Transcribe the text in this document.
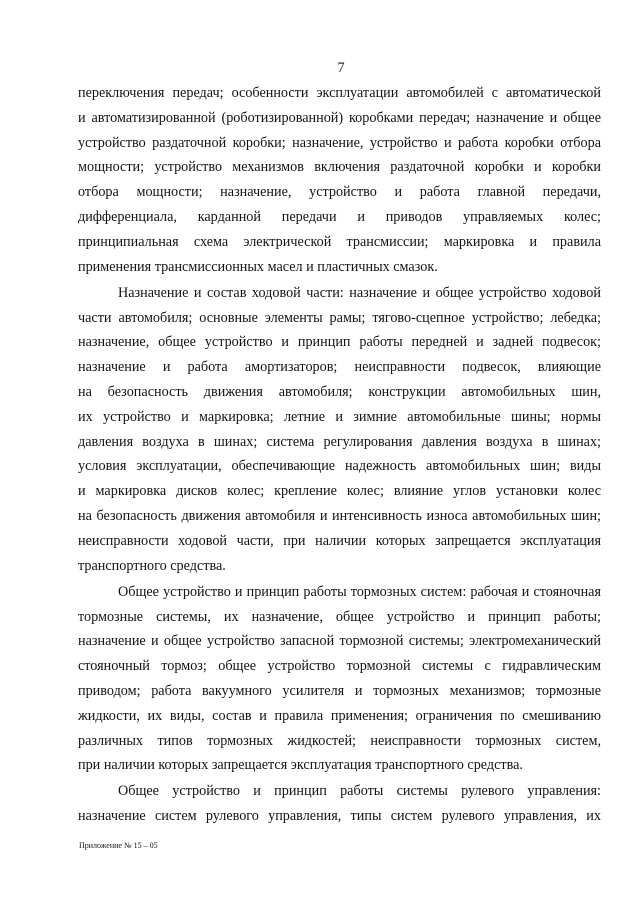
7
переключения передач; особенности эксплуатации автомобилей с автоматической
и автоматизированной (роботизированной) коробками передач; назначение и общее
устройство раздаточной коробки; назначение, устройство и работа коробки отбора
мощности; устройство механизмов включения раздаточной коробки и коробки
отбора мощности; назначение, устройство и работа главной передачи,
дифференциала, карданной передачи и приводов управляемых колес;
принципиальная схема электрической трансмиссии; маркировка и правила
применения трансмиссионных масел и пластичных смазок.
Назначение и состав ходовой части: назначение и общее устройство ходовой
части автомобиля; основные элементы рамы; тягово-сцепное устройство; лебедка;
назначение, общее устройство и принцип работы передней и задней подвесок;
назначение и работа амортизаторов; неисправности подвесок, влияющие
на безопасность движения автомобиля; конструкции автомобильных шин,
их устройство и маркировка; летние и зимние автомобильные шины; нормы
давления воздуха в шинах; система регулирования давления воздуха в шинах;
условия эксплуатации, обеспечивающие надежность автомобильных шин; виды
и маркировка дисков колес; крепление колес; влияние углов установки колес
на безопасность движения автомобиля и интенсивность износа автомобильных шин;
неисправности ходовой части, при наличии которых запрещается эксплуатация
транспортного средства.
Общее устройство и принцип работы тормозных систем: рабочая и стояночная
тормозные системы, их назначение, общее устройство и принцип работы;
назначение и общее устройство запасной тормозной системы; электромеханический
стояночный тормоз; общее устройство тормозной системы с гидравлическим
приводом; работа вакуумного усилителя и тормозных механизмов; тормозные
жидкости, их виды, состав и правила применения; ограничения по смешиванию
различных типов тормозных жидкостей; неисправности тормозных систем,
при наличии которых запрещается эксплуатация транспортного средства.
Общее устройство и принцип работы системы рулевого управления:
назначение систем рулевого управления, типы систем рулевого управления, их
Приложение № 15 – 05
